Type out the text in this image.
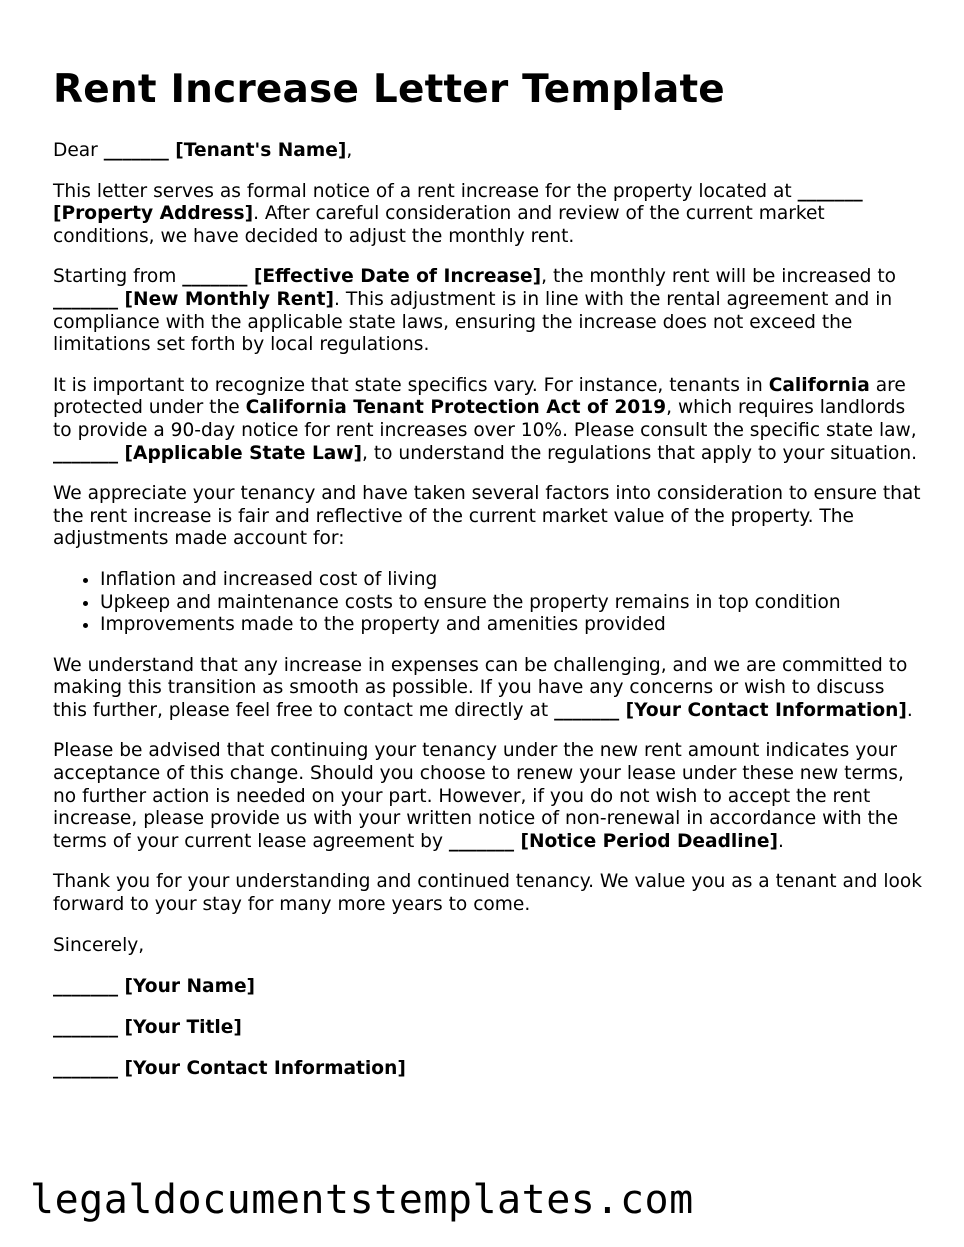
Rent Increase Letter Template

Dear _______ [Tenant's Name],

This letter serves as formal notice of a rent increase for the property located at _______ [Property Address]. After careful consideration and review of the current market conditions, we have decided to adjust the monthly rent.

Starting from _______ [Effective Date of Increase], the monthly rent will be increased to _______ [New Monthly Rent]. This adjustment is in line with the rental agreement and in compliance with the applicable state laws, ensuring the increase does not exceed the limitations set forth by local regulations.

It is important to recognize that state specifics vary. For instance, tenants in California are protected under the California Tenant Protection Act of 2019, which requires landlords to provide a 90-day notice for rent increases over 10%. Please consult the specific state law, _______ [Applicable State Law], to understand the regulations that apply to your situation.

We appreciate your tenancy and have taken several factors into consideration to ensure that the rent increase is fair and reflective of the current market value of the property. The adjustments made account for:

• Inflation and increased cost of living
• Upkeep and maintenance costs to ensure the property remains in top condition
• Improvements made to the property and amenities provided

We understand that any increase in expenses can be challenging, and we are committed to making this transition as smooth as possible. If you have any concerns or wish to discuss this further, please feel free to contact me directly at _______ [Your Contact Information].

Please be advised that continuing your tenancy under the new rent amount indicates your acceptance of this change. Should you choose to renew your lease under these new terms, no further action is needed on your part. However, if you do not wish to accept the rent increase, please provide us with your written notice of non-renewal in accordance with the terms of your current lease agreement by _______ [Notice Period Deadline].

Thank you for your understanding and continued tenancy. We value you as a tenant and look forward to your stay for many more years to come.

Sincerely,

_______ [Your Name]

_______ [Your Title]

_______ [Your Contact Information]

legaldocumentstemplates.com
